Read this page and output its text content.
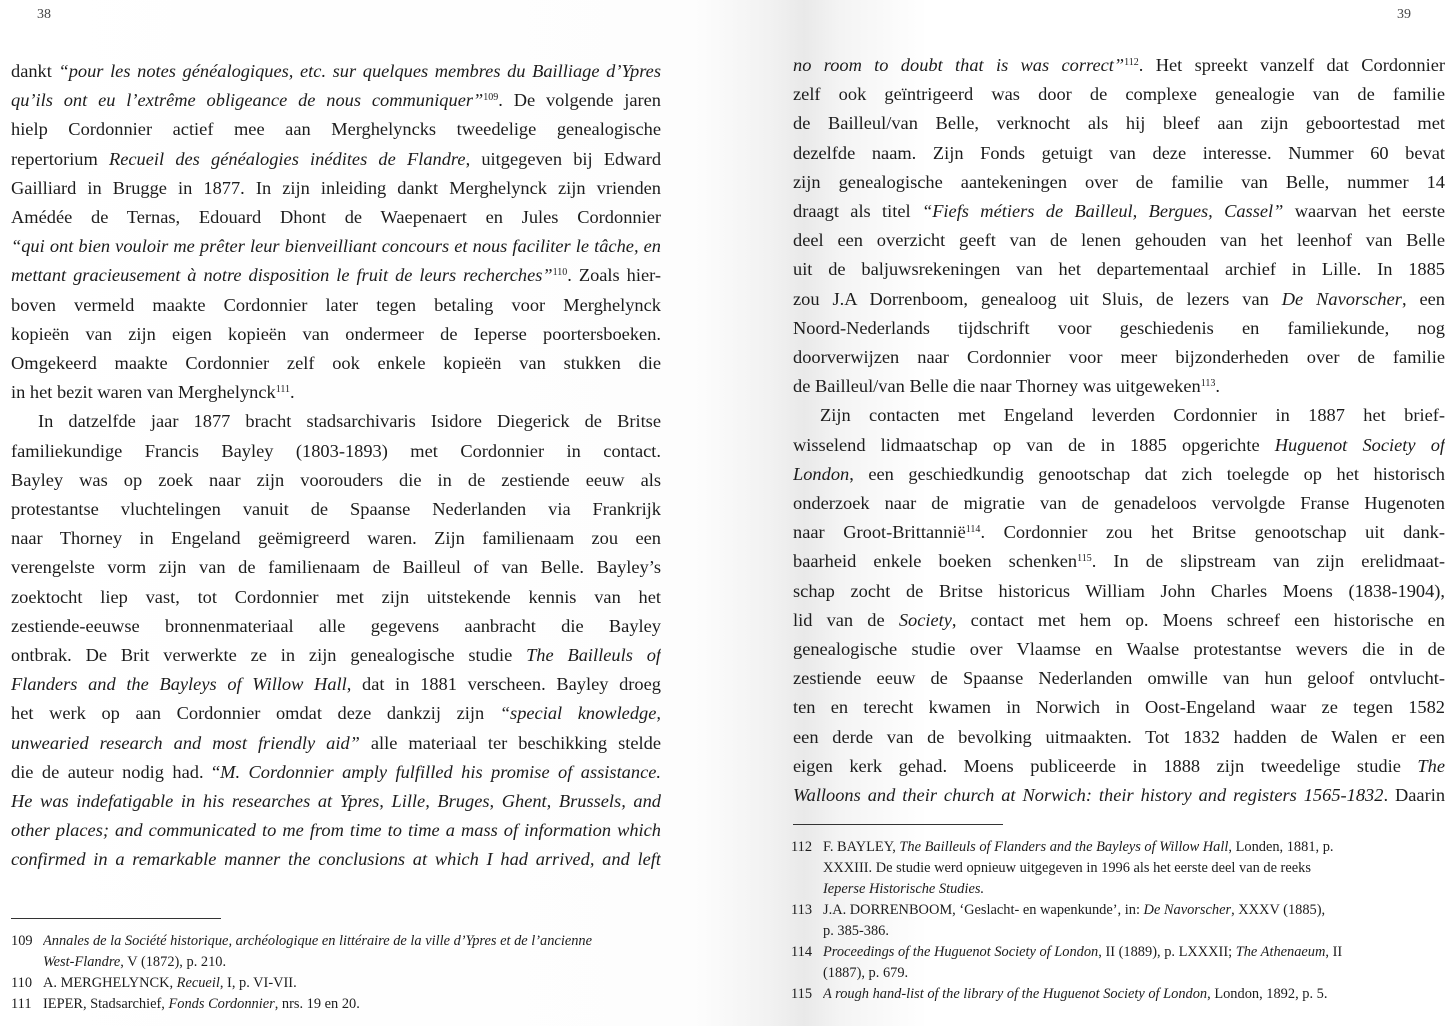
38
dankt “pour les notes généalogiques, etc. sur quelques membres du Bailliage d’Ypres
qu’ils ont eu l’extrême obligeance de nous communiquer”$^{109}$. De volgende jaren
hielp Cordonnier actief mee aan Merghelyncks tweedelige genealogische
repertorium Recueil des généalogies inédites de Flandre, uitgegeven bij Edward
Gailliard in Brugge in 1877. In zijn inleiding dankt Merghelynck zijn vrienden
Amédée de Ternas, Edouard Dhont de Waepenaert en Jules Cordonnier
“qui ont bien vouloir me prêter leur bienveilliant concours et nous faciliter le tâche, en
mettant gracieusement à notre disposition le fruit de leurs recherches”$^{110}$. Zoals hier-
boven vermeld maakte Cordonnier later tegen betaling voor Merghelynck
kopieën van zijn eigen kopieën van ondermeer de Ieperse poortersboeken.
Omgekeerd maakte Cordonnier zelf ook enkele kopieën van stukken die
in het bezit waren van Merghelynck$^{111}$.
In datzelfde jaar 1877 bracht stadsarchivaris Isidore Diegerick de Britse
familiekundige Francis Bayley (1803-1893) met Cordonnier in contact.
Bayley was op zoek naar zijn voorouders die in de zestiende eeuw als
protestantse vluchtelingen vanuit de Spaanse Nederlanden via Frankrijk
naar Thorney in Engeland geëmigreerd waren. Zijn familienaam zou een
verengelste vorm zijn van de familienaam de Bailleul of van Belle. Bayley’s
zoektocht liep vast, tot Cordonnier met zijn uitstekende kennis van het
zestiende-eeuwse bronnenmateriaal alle gegevens aanbracht die Bayley
ontbrak. De Brit verwerkte ze in zijn genealogische studie The Bailleuls of
Flanders and the Bayleys of Willow Hall, dat in 1881 verscheen. Bayley droeg
het werk op aan Cordonnier omdat deze dankzij zijn “special knowledge,
unwearied research and most friendly aid” alle materiaal ter beschikking stelde
die de auteur nodig had. “M. Cordonnier amply fulfilled his promise of assistance.
He was indefatigable in his researches at Ypres, Lille, Bruges, Ghent, Brussels, and
other places; and communicated to me from time to time a mass of information which
confirmed in a remarkable manner the conclusions at which I had arrived, and left
109 Annales de la Société historique, archéologique en littéraire de la ville d’Ypres et de l’ancienne
West-Flandre, V (1872), p. 210.
110 A. MERGHELYNCK, Recueil, I, p. VI-VII.
111 IEPER, Stadsarchief, Fonds Cordonnier, nrs. 19 en 20.
39
no room to doubt that is was correct”$^{112}$. Het spreekt vanzelf dat Cordonnier
zelf ook geïntrigeerd was door de complexe genealogie van de familie
de Bailleul/van Belle, verknocht als hij bleef aan zijn geboortestad met
dezelfde naam. Zijn Fonds getuigt van deze interesse. Nummer 60 bevat
zijn genealogische aantekeningen over de familie van Belle, nummer 14
draagt als titel “Fiefs métiers de Bailleul, Bergues, Cassel” waarvan het eerste
deel een overzicht geeft van de lenen gehouden van het leenhof van Belle
uit de baljuwsrekeningen van het departementaal archief in Lille. In 1885
zou J.A Dorrenboom, genealoog uit Sluis, de lezers van De Navorscher, een
Noord-Nederlands tijdschrift voor geschiedenis en familiekunde, nog
doorverwijzen naar Cordonnier voor meer bijzonderheden over de familie
de Bailleul/van Belle die naar Thorney was uitgeweken$^{113}$.
Zijn contacten met Engeland leverden Cordonnier in 1887 het brief-
wisselend lidmaatschap op van de in 1885 opgerichte Huguenot Society of
London, een geschiedkundig genootschap dat zich toelegde op het historisch
onderzoek naar de migratie van de genadeloos vervolgde Franse Hugenoten
naar Groot-Brittannië$^{114}$. Cordonnier zou het Britse genootschap uit dank-
baarheid enkele boeken schenken$^{115}$. In de slipstream van zijn erelidmaat-
schap zocht de Britse historicus William John Charles Moens (1838-1904),
lid van de Society, contact met hem op. Moens schreef een historische en
genealogische studie over Vlaamse en Waalse protestantse wevers die in de
zestiende eeuw de Spaanse Nederlanden omwille van hun geloof ontvlucht-
ten en terecht kwamen in Norwich in Oost-Engeland waar ze tegen 1582
een derde van de bevolking uitmaakten. Tot 1832 hadden de Walen er een
eigen kerk gehad. Moens publiceerde in 1888 zijn tweedelige studie The
Walloons and their church at Norwich: their history and registers 1565-1832. Daarin
112 F. BAYLEY, The Bailleuls of Flanders and the Bayleys of Willow Hall, Londen, 1881, p.
XXXIII. De studie werd opnieuw uitgegeven in 1996 als het eerste deel van de reeks
Ieperse Historische Studies.
113 J.A. DORRENBOOM, ‘Geslacht- en wapenkunde’, in: De Navorscher, XXXV (1885),
p. 385-386.
114 Proceedings of the Huguenot Society of London, II (1889), p. LXXXII; The Athenaeum, II
(1887), p. 679.
115 A rough hand-list of the library of the Huguenot Society of London, London, 1892, p. 5.
